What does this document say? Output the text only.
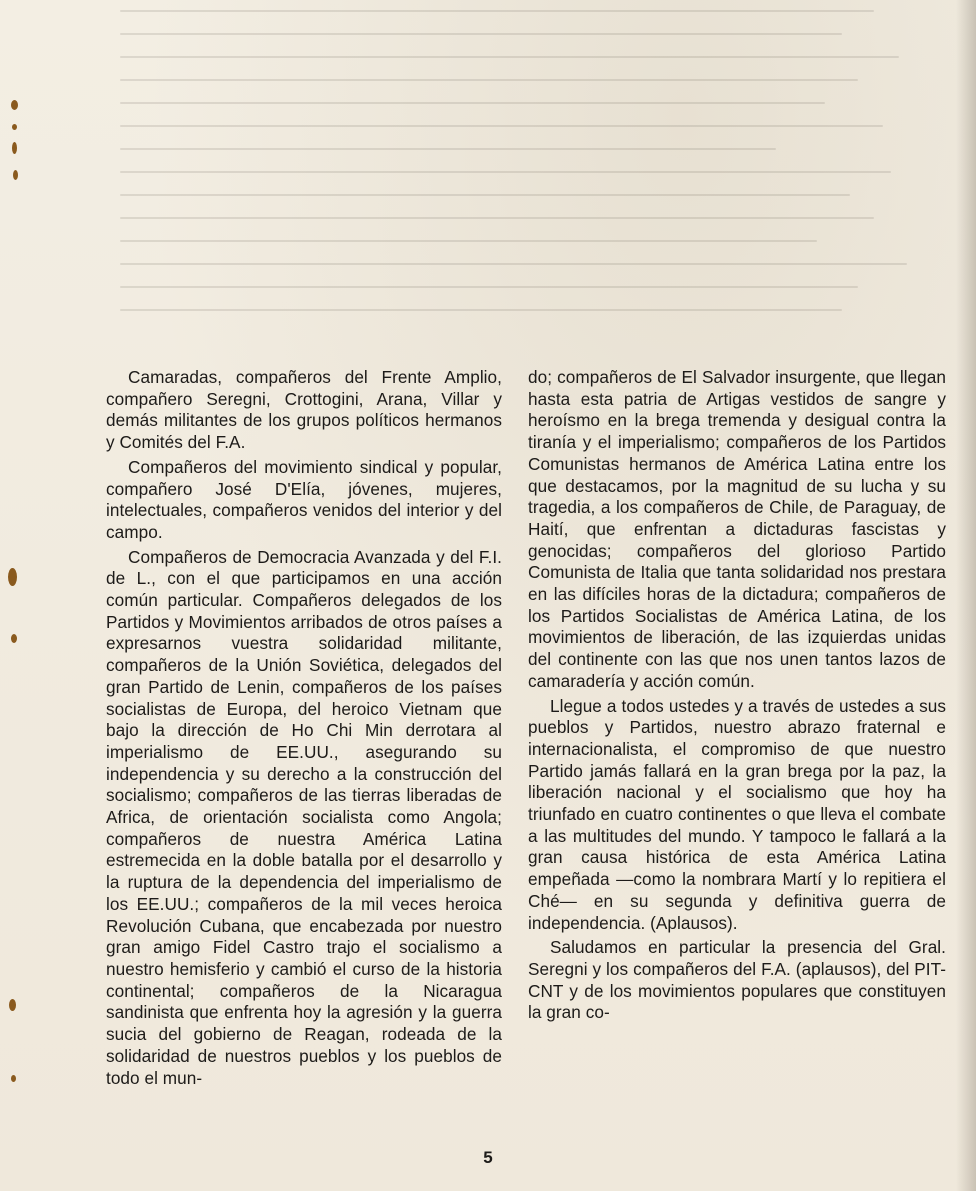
Camaradas, compañeros del Frente Amplio, compañero Seregni, Crottogini, Arana, Villar y demás militantes de los grupos políticos hermanos y Comités del F.A.

Compañeros del movimiento sindical y popular, compañero José D'Elía, jóvenes, mujeres, intelectuales, compañeros venidos del interior y del campo.

Compañeros de Democracia Avanzada y del F.I. de L., con el que participamos en una acción común particular. Compañeros delegados de los Partidos y Movimientos arribados de otros países a expresarnos vuestra solidaridad militante, compañeros de la Unión Soviética, delegados del gran Partido de Lenin, compañeros de los países socialistas de Europa, del heroico Vietnam que bajo la dirección de Ho Chi Min derrotara al imperialismo de EE.UU., asegurando su independencia y su derecho a la construcción del socialismo; compañeros de las tierras liberadas de Africa, de orientación socialista como Angola; compañeros de nuestra América Latina estremecida en la doble batalla por el desarrollo y la ruptura de la dependencia del imperialismo de los EE.UU.; compañeros de la mil veces heroica Revolución Cubana, que encabezada por nuestro gran amigo Fidel Castro trajo el socialismo a nuestro hemisferio y cambió el curso de la historia continental; compañeros de la Nicaragua sandinista que enfrenta hoy la agresión y la guerra sucia del gobierno de Reagan, rodeada de la solidaridad de nuestros pueblos y los pueblos de todo el mun-

do; compañeros de El Salvador insurgente, que llegan hasta esta patria de Artigas vestidos de sangre y heroísmo en la brega tremenda y desigual contra la tiranía y el imperialismo; compañeros de los Partidos Comunistas hermanos de América Latina entre los que destacamos, por la magnitud de su lucha y su tragedia, a los compañeros de Chile, de Paraguay, de Haití, que enfrentan a dictaduras fascistas y genocidas; compañeros del glorioso Partido Comunista de Italia que tanta solidaridad nos prestara en las difíciles horas de la dictadura; compañeros de los Partidos Socialistas de América Latina, de los movimientos de liberación, de las izquierdas unidas del continente con las que nos unen tantos lazos de camaradería y acción común.

Llegue a todos ustedes y a través de ustedes a sus pueblos y Partidos, nuestro abrazo fraternal e internacionalista, el compromiso de que nuestro Partido jamás fallará en la gran brega por la paz, la liberación nacional y el socialismo que hoy ha triunfado en cuatro continentes o que lleva el combate a las multitudes del mundo. Y tampoco le fallará a la gran causa histórica de esta América Latina empeñada —como la nombrara Martí y lo repitiera el Ché— en su segunda y definitiva guerra de independencia. (Aplausos).

Saludamos en particular la presencia del Gral. Seregni y los compañeros del F.A. (aplausos), del PIT-CNT y de los movimientos populares que constituyen la gran co-

5
